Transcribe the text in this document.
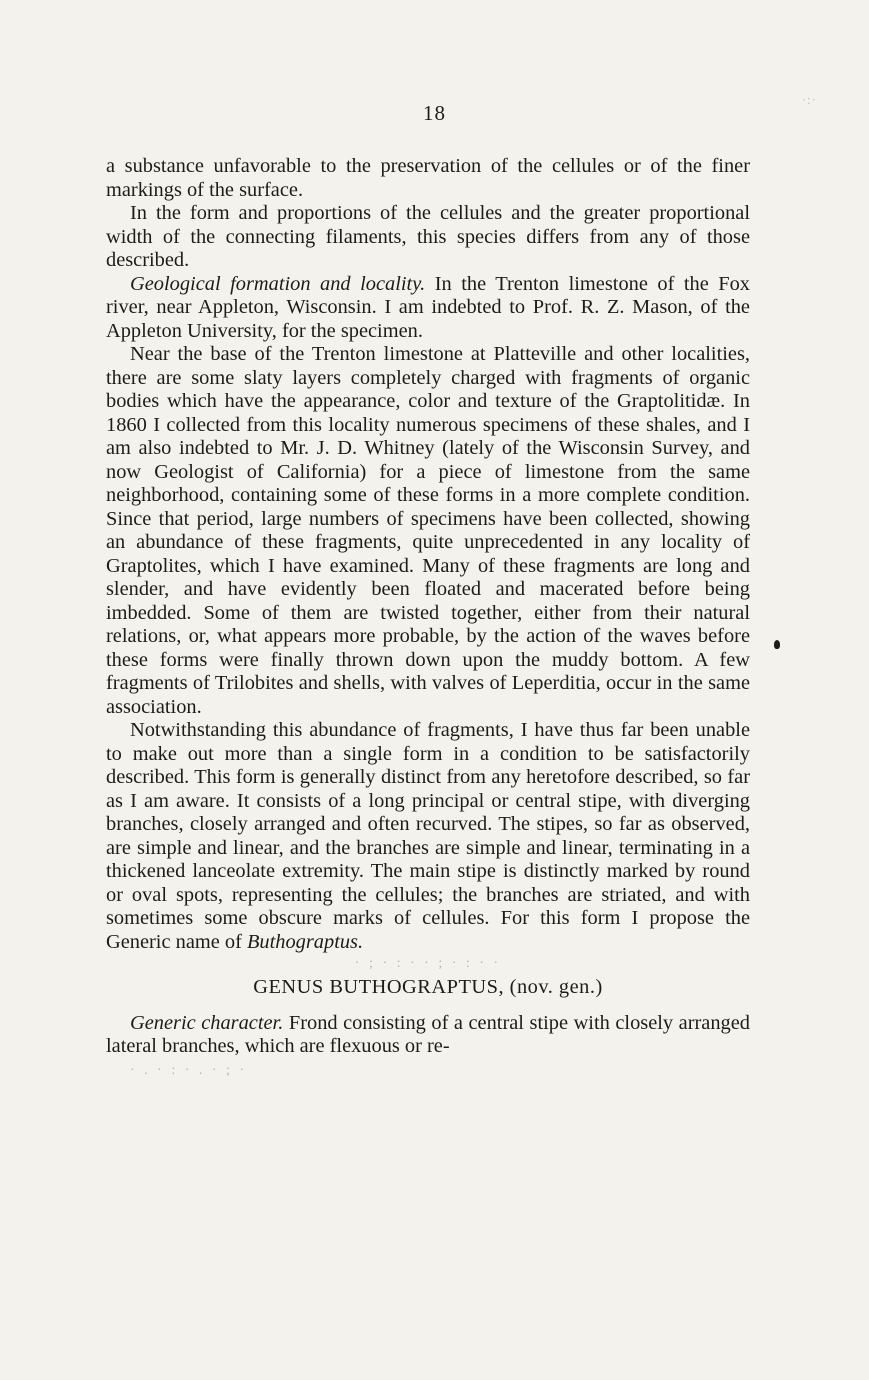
·:·
18

a substance unfavorable to the preservation of the cellules or of the finer markings of the surface.

In the form and proportions of the cellules and the greater proportional width of the connecting filaments, this species differs from any of those described.

Geological formation and locality. In the Trenton limestone of the Fox river, near Appleton, Wisconsin. I am indebted to Prof. R. Z. Mason, of the Appleton University, for the specimen.

Near the base of the Trenton limestone at Platteville and other localities, there are some slaty layers completely charged with fragments of organic bodies which have the appearance, color and texture of the Graptolitidæ. In 1860 I collected from this locality numerous specimens of these shales, and I am also indebted to Mr. J. D. Whitney (lately of the Wisconsin Survey, and now Geologist of California) for a piece of limestone from the same neighborhood, containing some of these forms in a more complete condition. Since that period, large numbers of specimens have been collected, showing an abundance of these fragments, quite unprecedented in any locality of Graptolites, which I have examined. Many of these fragments are long and slender, and have evidently been floated and macerated before being imbedded. Some of them are twisted together, either from their natural relations, or, what appears more probable, by the action of the waves before these forms were finally thrown down upon the muddy bottom. A few fragments of Trilobites and shells, with valves of Leperditia, occur in the same association.

Notwithstanding this abundance of fragments, I have thus far been unable to make out more than a single form in a condition to be satisfactorily described. This form is generally distinct from any heretofore described, so far as I am aware. It consists of a long principal or central stipe, with diverging branches, closely arranged and often recurved. The stipes, so far as observed, are simple and linear, and the branches are simple and linear, terminating in a thickened lanceolate extremity. The main stipe is distinctly marked by round or oval spots, representing the cellules; the branches are striated, and with sometimes some obscure marks of cellules. For this form I propose the Generic name of Buthograptus.

· ; · : · · ; · : · ·

GENUS BUTHOGRAPTUS, (nov. gen.)

Generic character. Frond consisting of a central stipe with closely arranged lateral branches, which are flexuous or re-

· . · : · . · ; ·
